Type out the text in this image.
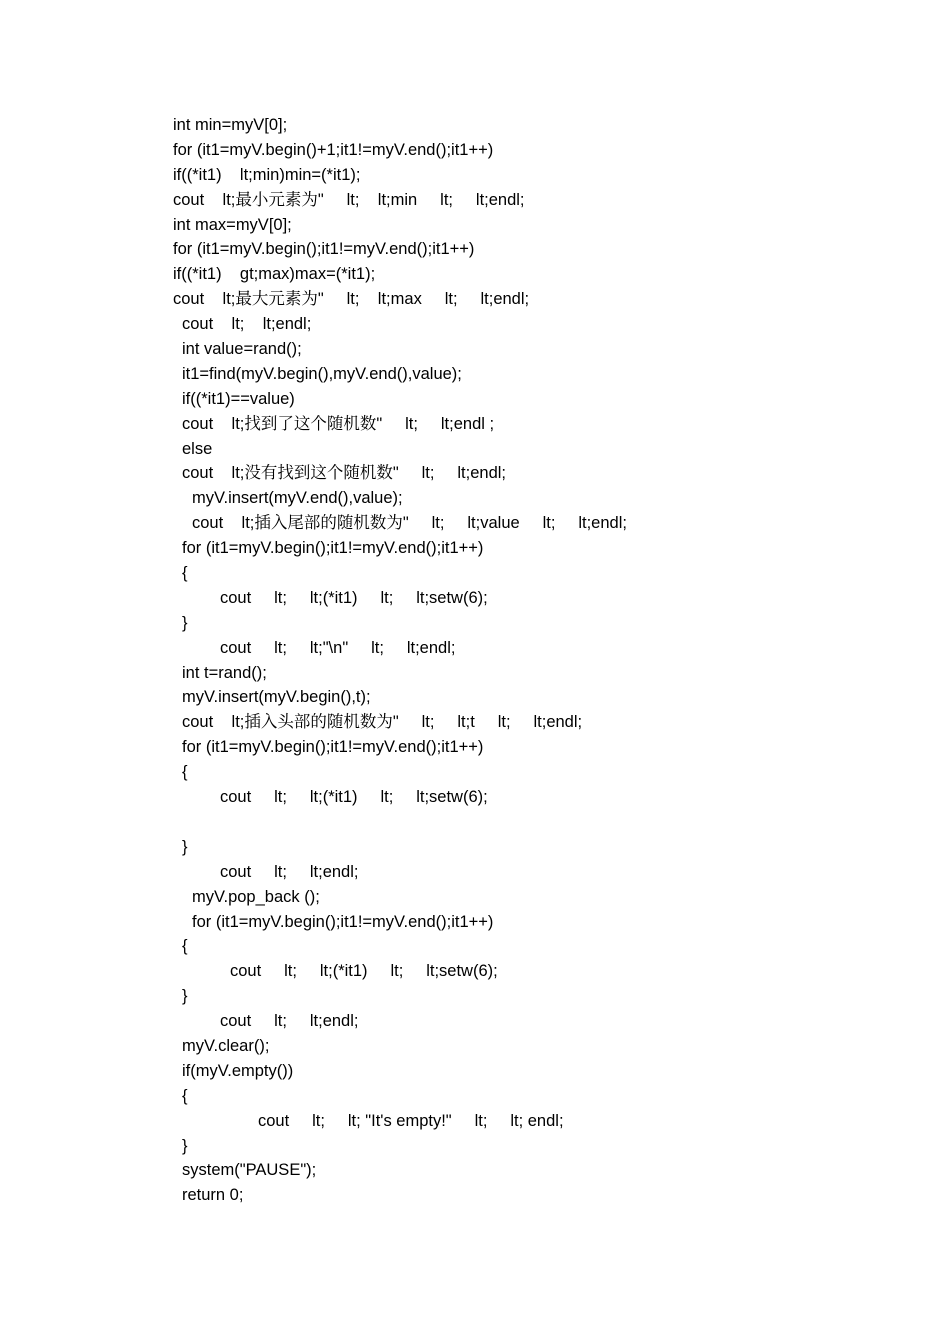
int min=myV[0];
for (it1=myV.begin()+1;it1!=myV.end();it1++)
if((*it1)    lt;min)min=(*it1);
cout    lt;最小元素为"     lt;    lt;min     lt;     lt;endl;
int max=myV[0];
for (it1=myV.begin();it1!=myV.end();it1++)
if((*it1)    gt;max)max=(*it1);
cout    lt;最大元素为"     lt;    lt;max     lt;     lt;endl;
cout    lt;    lt;endl;
int value=rand();
it1=find(myV.begin(),myV.end(),value);
if((*it1)==value)
cout    lt;找到了这个随机数"     lt;     lt;endl ;
else
cout    lt;没有找到这个随机数"     lt;     lt;endl;
myV.insert(myV.end(),value);
cout    lt;插入尾部的随机数为"     lt;     lt;value     lt;     lt;endl;
for (it1=myV.begin();it1!=myV.end();it1++)
{
cout     lt;     lt;(*it1)     lt;     lt;setw(6);
}
cout     lt;     lt;"\n"     lt;     lt;endl;
int t=rand();
myV.insert(myV.begin(),t);
cout    lt;插入头部的随机数为"     lt;     lt;t     lt;     lt;endl;
for (it1=myV.begin();it1!=myV.end();it1++)
{
cout     lt;     lt;(*it1)     lt;     lt;setw(6);
}
cout     lt;     lt;endl;
myV.pop_back ();
for (it1=myV.begin();it1!=myV.end();it1++)
{
cout     lt;     lt;(*it1)     lt;     lt;setw(6);
}
cout     lt;     lt;endl;
myV.clear();
if(myV.empty())
{
cout     lt;     lt; "It's empty!"     lt;     lt; endl;
}
system("PAUSE");
return 0;
